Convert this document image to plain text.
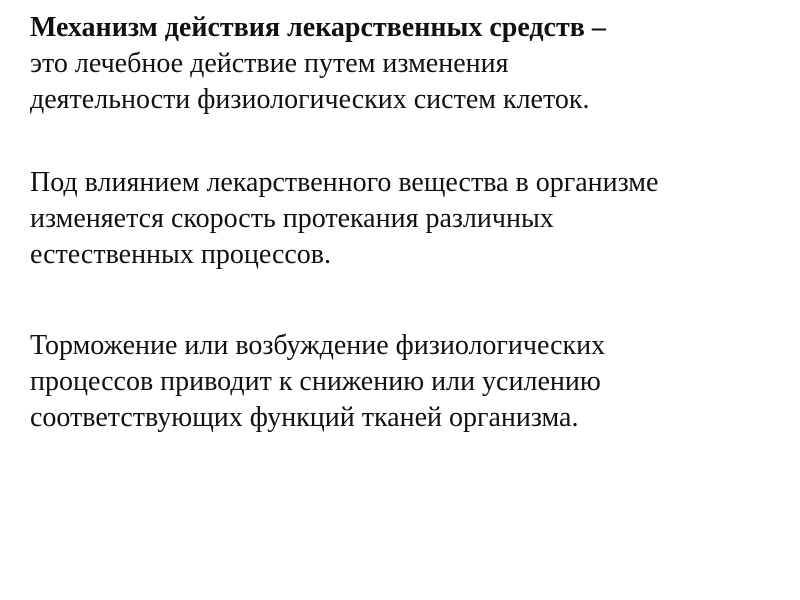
Механизм действия лекарственных средств –
это лечебное действие путем изменения
деятельности физиологических систем клеток.

Под влиянием лекарственного вещества в организме
изменяется скорость протекания различных
естественных процессов.

Торможение или возбуждение физиологических
процессов приводит к снижению или усилению
соответствующих функций тканей организма.
